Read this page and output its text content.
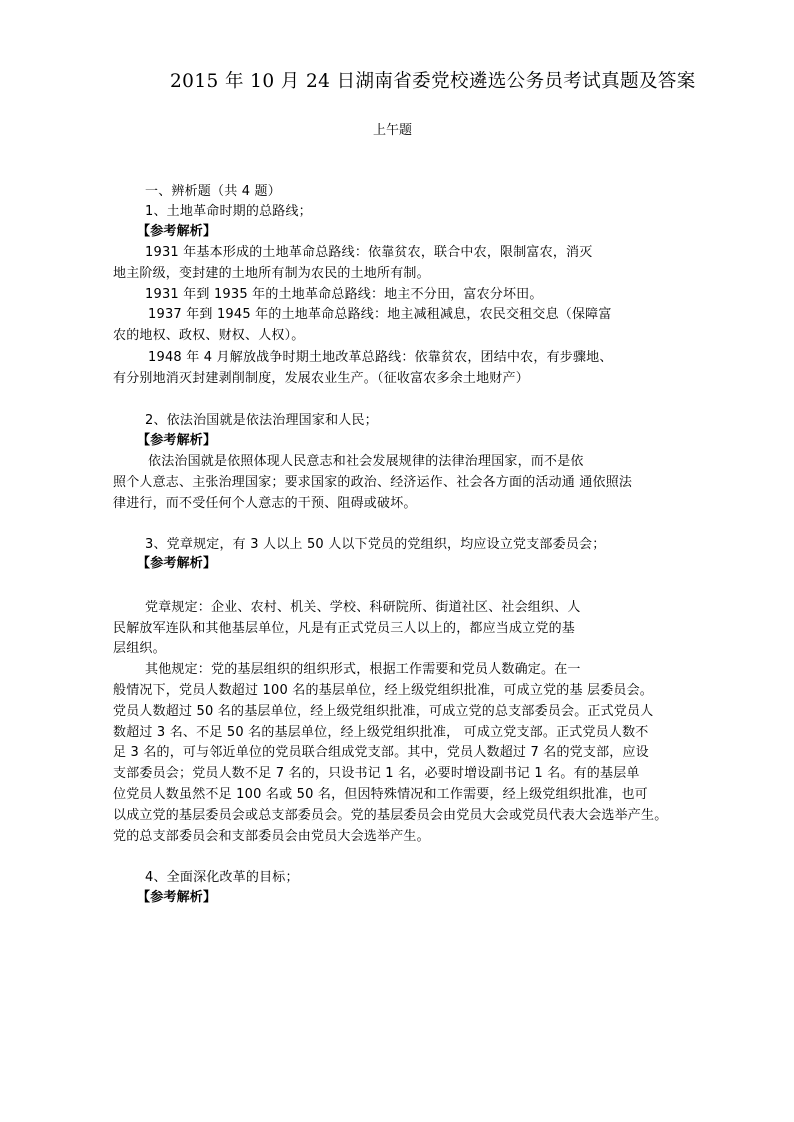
2015 年 10 月 24 日湖南省委党校遴选公务员考试真题及答案
上午题
一、辨析题（共 4 题）
1、土地革命时期的总路线；
【参考解析】
1931 年基本形成的土地革命总路线：依靠贫农，联合中农，限制富农，消灭
地主阶级，变封建的土地所有制为农民的土地所有制。
1931 年到 1935 年的土地革命总路线：地主不分田，富农分坏田。
1937 年到 1945 年的土地革命总路线：地主减租减息，农民交租交息（保障富
农的地权、政权、财权、人权）。
1948 年 4 月解放战争时期土地改革总路线：依靠贫农，团结中农，有步骤地、
有分别地消灭封建剥削制度，发展农业生产。（征收富农多余土地财产）
2、依法治国就是依法治理国家和人民；
【参考解析】
依法治国就是依照体现人民意志和社会发展规律的法律治理国家，而不是依
照个人意志、主张治理国家；要求国家的政治、经济运作、社会各方面的活动通 通依照法
律进行，而不受任何个人意志的干预、阻碍或破坏。
3、党章规定，有 3 人以上 50 人以下党员的党组织，均应设立党支部委员会；
【参考解析】
党章规定：企业、农村、机关、学校、科研院所、街道社区、社会组织、人
民解放军连队和其他基层单位，凡是有正式党员三人以上的，都应当成立党的基
层组织。
其他规定：党的基层组织的组织形式，根据工作需要和党员人数确定。在一
般情况下，党员人数超过 100 名的基层单位，经上级党组织批准，可成立党的基 层委员会。
党员人数超过 50 名的基层单位，经上级党组织批准，可成立党的总支部委员会。正式党员人
数超过 3 名、不足 50 名的基层单位，经上级党组织批准， 可成立党支部。正式党员人数不
足 3 名的，可与邻近单位的党员联合组成党支部。其中，党员人数超过 7 名的党支部，应设
支部委员会；党员人数不足 7 名的，只设书记 1 名，必要时增设副书记 1 名。有的基层单
位党员人数虽然不足 100 名或 50 名，但因特殊情况和工作需要，经上级党组织批准，也可
以成立党的基层委员会或总支部委员会。党的基层委员会由党员大会或党员代表大会选举产生。
党的总支部委员会和支部委员会由党员大会选举产生。
4、全面深化改革的目标；
【参考解析】
